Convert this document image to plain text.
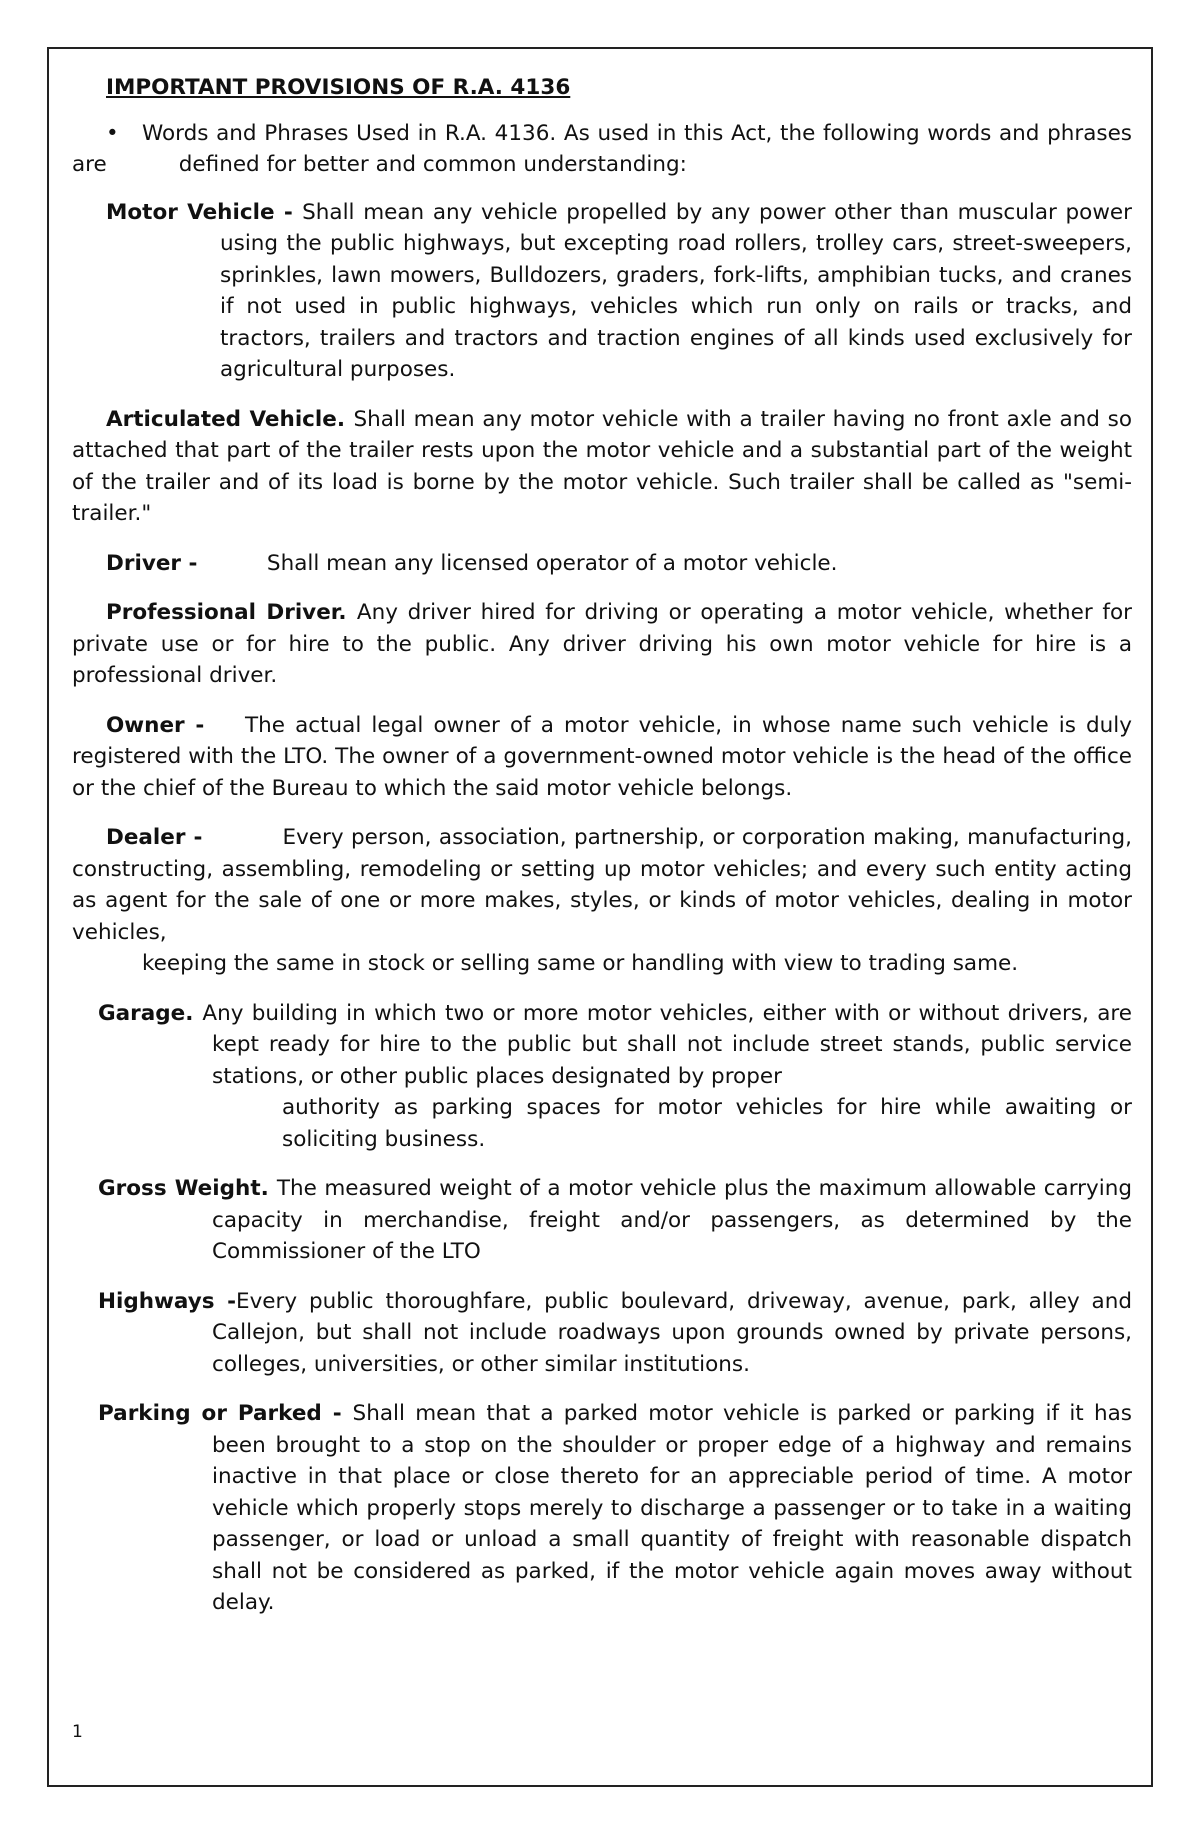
IMPORTANT PROVISIONS OF R.A. 4136

• Words and Phrases Used in R.A. 4136. As used in this Act, the following words and phrases are	defined for better and common understanding:

Motor Vehicle - Shall mean any vehicle propelled by any power other than muscular power using the public highways, but excepting road rollers, trolley cars, street-sweepers, sprinkles, lawn mowers, Bulldozers, graders, fork-lifts, amphibian tucks, and cranes if not used in public highways, vehicles which run only on rails or tracks, and tractors, trailers and tractors and traction engines of all kinds used exclusively for agricultural purposes.

Articulated Vehicle. Shall mean any motor vehicle with a trailer having no front axle and so attached that part of the trailer rests upon the motor vehicle and a substantial part of the weight of the trailer and of its load is borne by the motor vehicle. Such trailer shall be called as "semi-trailer."

Driver -	Shall mean any licensed operator of a motor vehicle.

Professional Driver. Any driver hired for driving or operating a motor vehicle, whether for private use or for hire to the public. Any driver driving his own motor vehicle for hire is a professional driver.

Owner - The actual legal owner of a motor vehicle, in whose name such vehicle is duly registered with the LTO. The owner of a government-owned motor vehicle is the head of the office or the chief of the Bureau to which the said motor vehicle belongs.

Dealer -	Every person, association, partnership, or corporation making, manufacturing, constructing, assembling, remodeling or setting up motor vehicles; and every such entity acting as agent for the sale of one or more makes, styles, or kinds of motor vehicles, dealing in motor vehicles,
keeping the same in stock or selling same or handling with view to trading same.

Garage. Any building in which two or more motor vehicles, either with or without drivers, are kept ready for hire to the public but shall not include street stands, public service stations, or other public places designated by proper
authority as parking spaces for motor vehicles for hire while awaiting or soliciting business.

Gross Weight. The measured weight of a motor vehicle plus the maximum allowable carrying capacity in merchandise, freight and/or passengers, as determined by the Commissioner of the LTO

Highways -Every public thoroughfare, public boulevard, driveway, avenue, park, alley and Callejon, but shall not include roadways upon grounds owned by private persons, colleges, universities, or other similar institutions.

Parking or Parked - Shall mean that a parked motor vehicle is parked or parking if it has been brought to a stop on the shoulder or proper edge of a highway and remains inactive in that place or close thereto for an appreciable period of time. A motor vehicle which properly stops merely to discharge a passenger or to take in a waiting passenger, or load or unload a small quantity of freight with reasonable dispatch shall not be considered as parked, if the motor vehicle again moves away without delay.

1
